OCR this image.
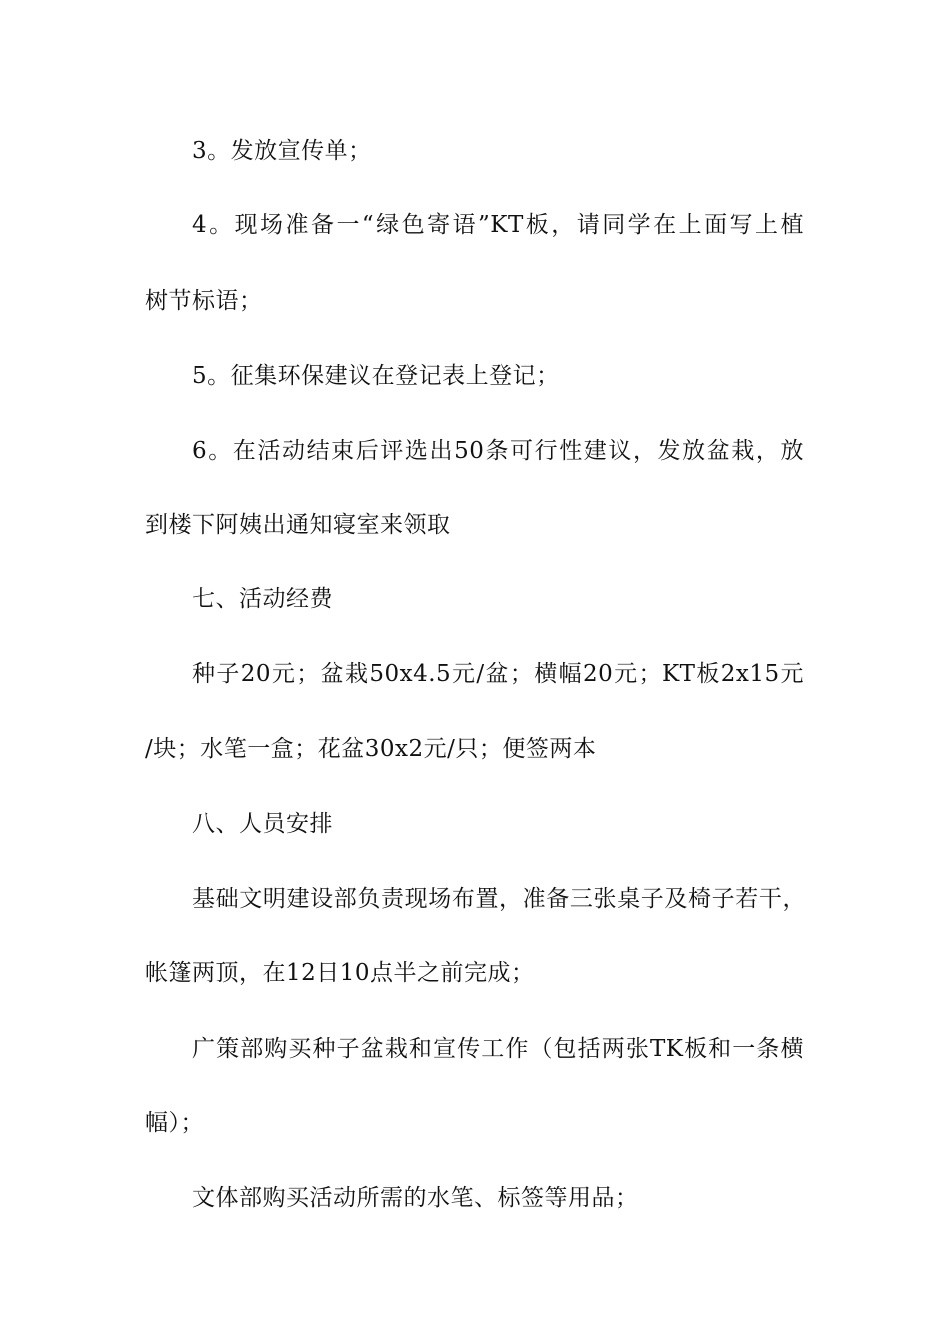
3。发放宣传单；

4。现场准备一“绿色寄语”KT板，请同学在上面写上植

树节标语；

5。征集环保建议在登记表上登记；

6。在活动结束后评选出50条可行性建议，发放盆栽，放

到楼下阿姨出通知寝室来领取

七、活动经费

种子20元；盆栽50x4.5元/盆；横幅20元；KT板2x15元

/块；水笔一盒；花盆30x2元/只；便签两本

八、人员安排

基础文明建设部负责现场布置，准备三张桌子及椅子若干，

帐篷两顶，在12日10点半之前完成；

广策部购买种子盆栽和宣传工作（包括两张TK板和一条横

幅）；

文体部购买活动所需的水笔、标签等用品；
